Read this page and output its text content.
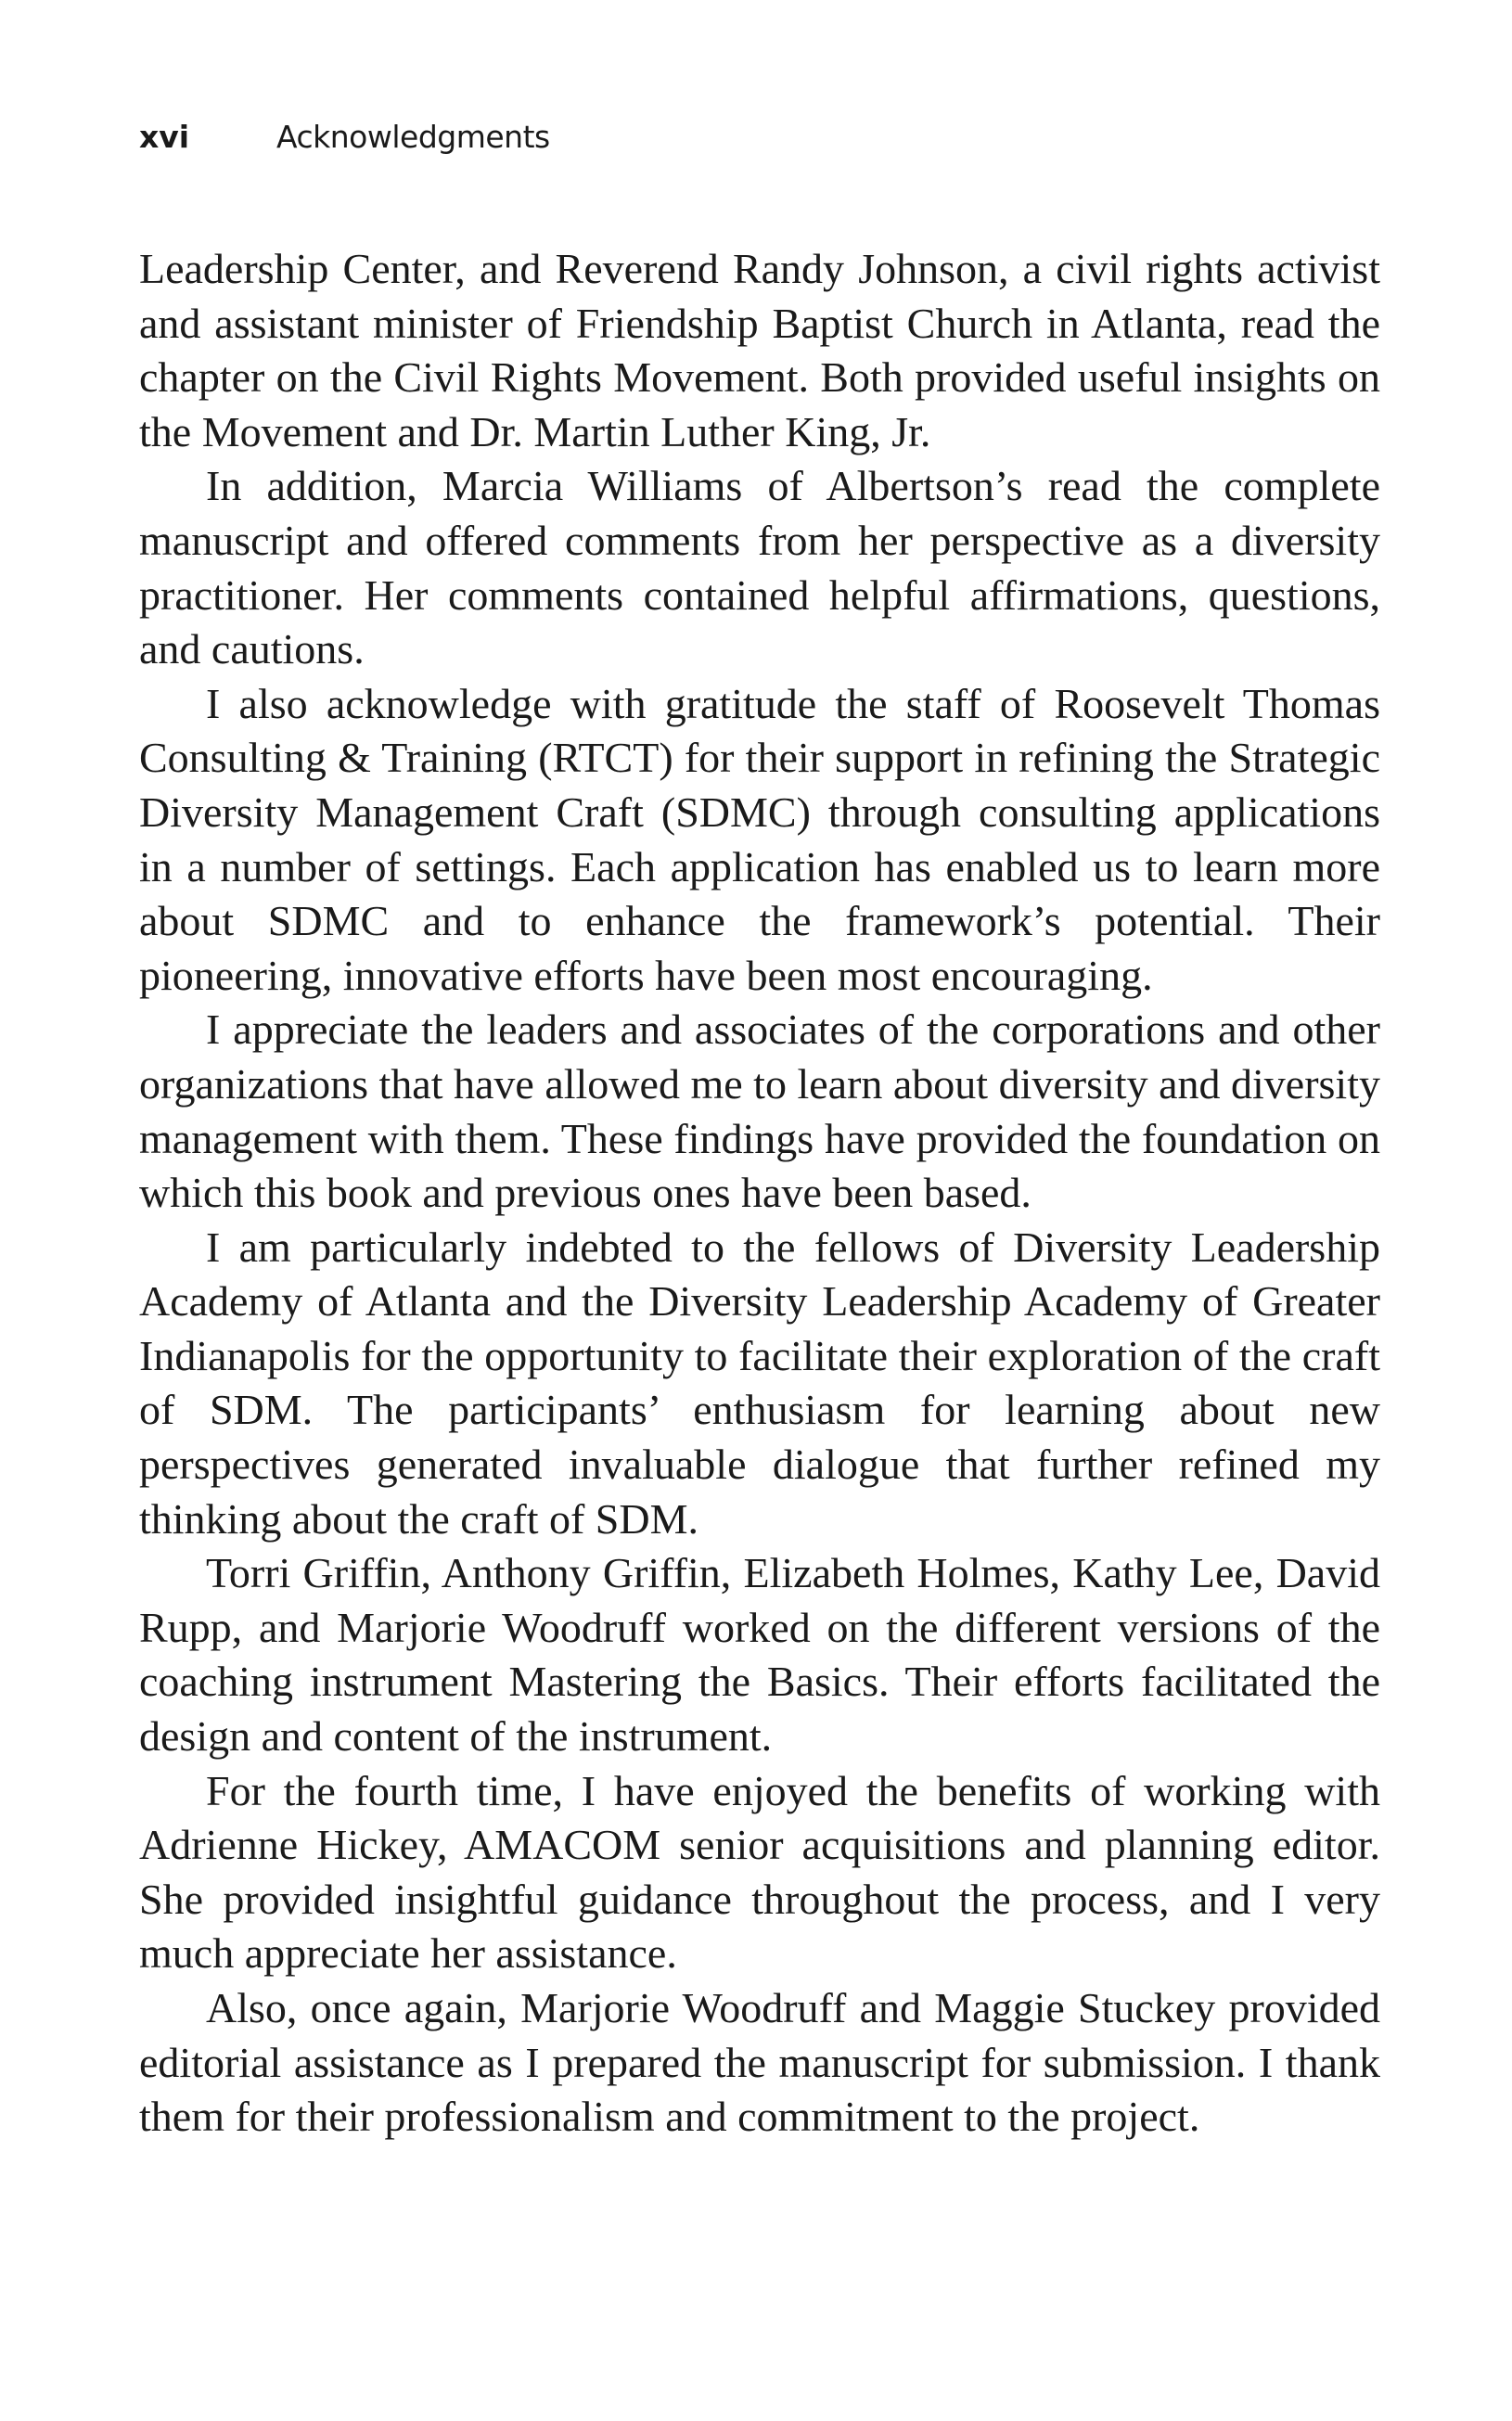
xvi	Acknowledgments

Leadership Center, and Reverend Randy Johnson, a civil rights activist and assistant minister of Friendship Baptist Church in Atlanta, read the chapter on the Civil Rights Movement. Both provided useful insights on the Movement and Dr. Martin Luther King, Jr.

In addition, Marcia Williams of Albertson’s read the complete manuscript and offered comments from her perspective as a diversity practitioner. Her comments contained helpful affirmations, questions, and cautions.

I also acknowledge with gratitude the staff of Roosevelt Thomas Consulting & Training (RTCT) for their support in refining the Strategic Diversity Management Craft (SDMC) through consulting applications in a number of settings. Each application has enabled us to learn more about SDMC and to enhance the framework’s potential. Their pioneering, innovative efforts have been most encouraging.

I appreciate the leaders and associates of the corporations and other organizations that have allowed me to learn about diversity and diversity management with them. These findings have provided the foundation on which this book and previous ones have been based.

I am particularly indebted to the fellows of Diversity Leadership Academy of Atlanta and the Diversity Leadership Academy of Greater Indianapolis for the opportunity to facilitate their exploration of the craft of SDM. The participants’ enthusiasm for learning about new perspectives generated invaluable dialogue that further refined my thinking about the craft of SDM.

Torri Griffin, Anthony Griffin, Elizabeth Holmes, Kathy Lee, David Rupp, and Marjorie Woodruff worked on the different versions of the coaching instrument Mastering the Basics. Their efforts facilitated the design and content of the instrument.

For the fourth time, I have enjoyed the benefits of working with Adrienne Hickey, AMACOM senior acquisitions and planning editor. She provided insightful guidance throughout the process, and I very much appreciate her assistance.

Also, once again, Marjorie Woodruff and Maggie Stuckey provided editorial assistance as I prepared the manuscript for submission. I thank them for their professionalism and commitment to the project.
